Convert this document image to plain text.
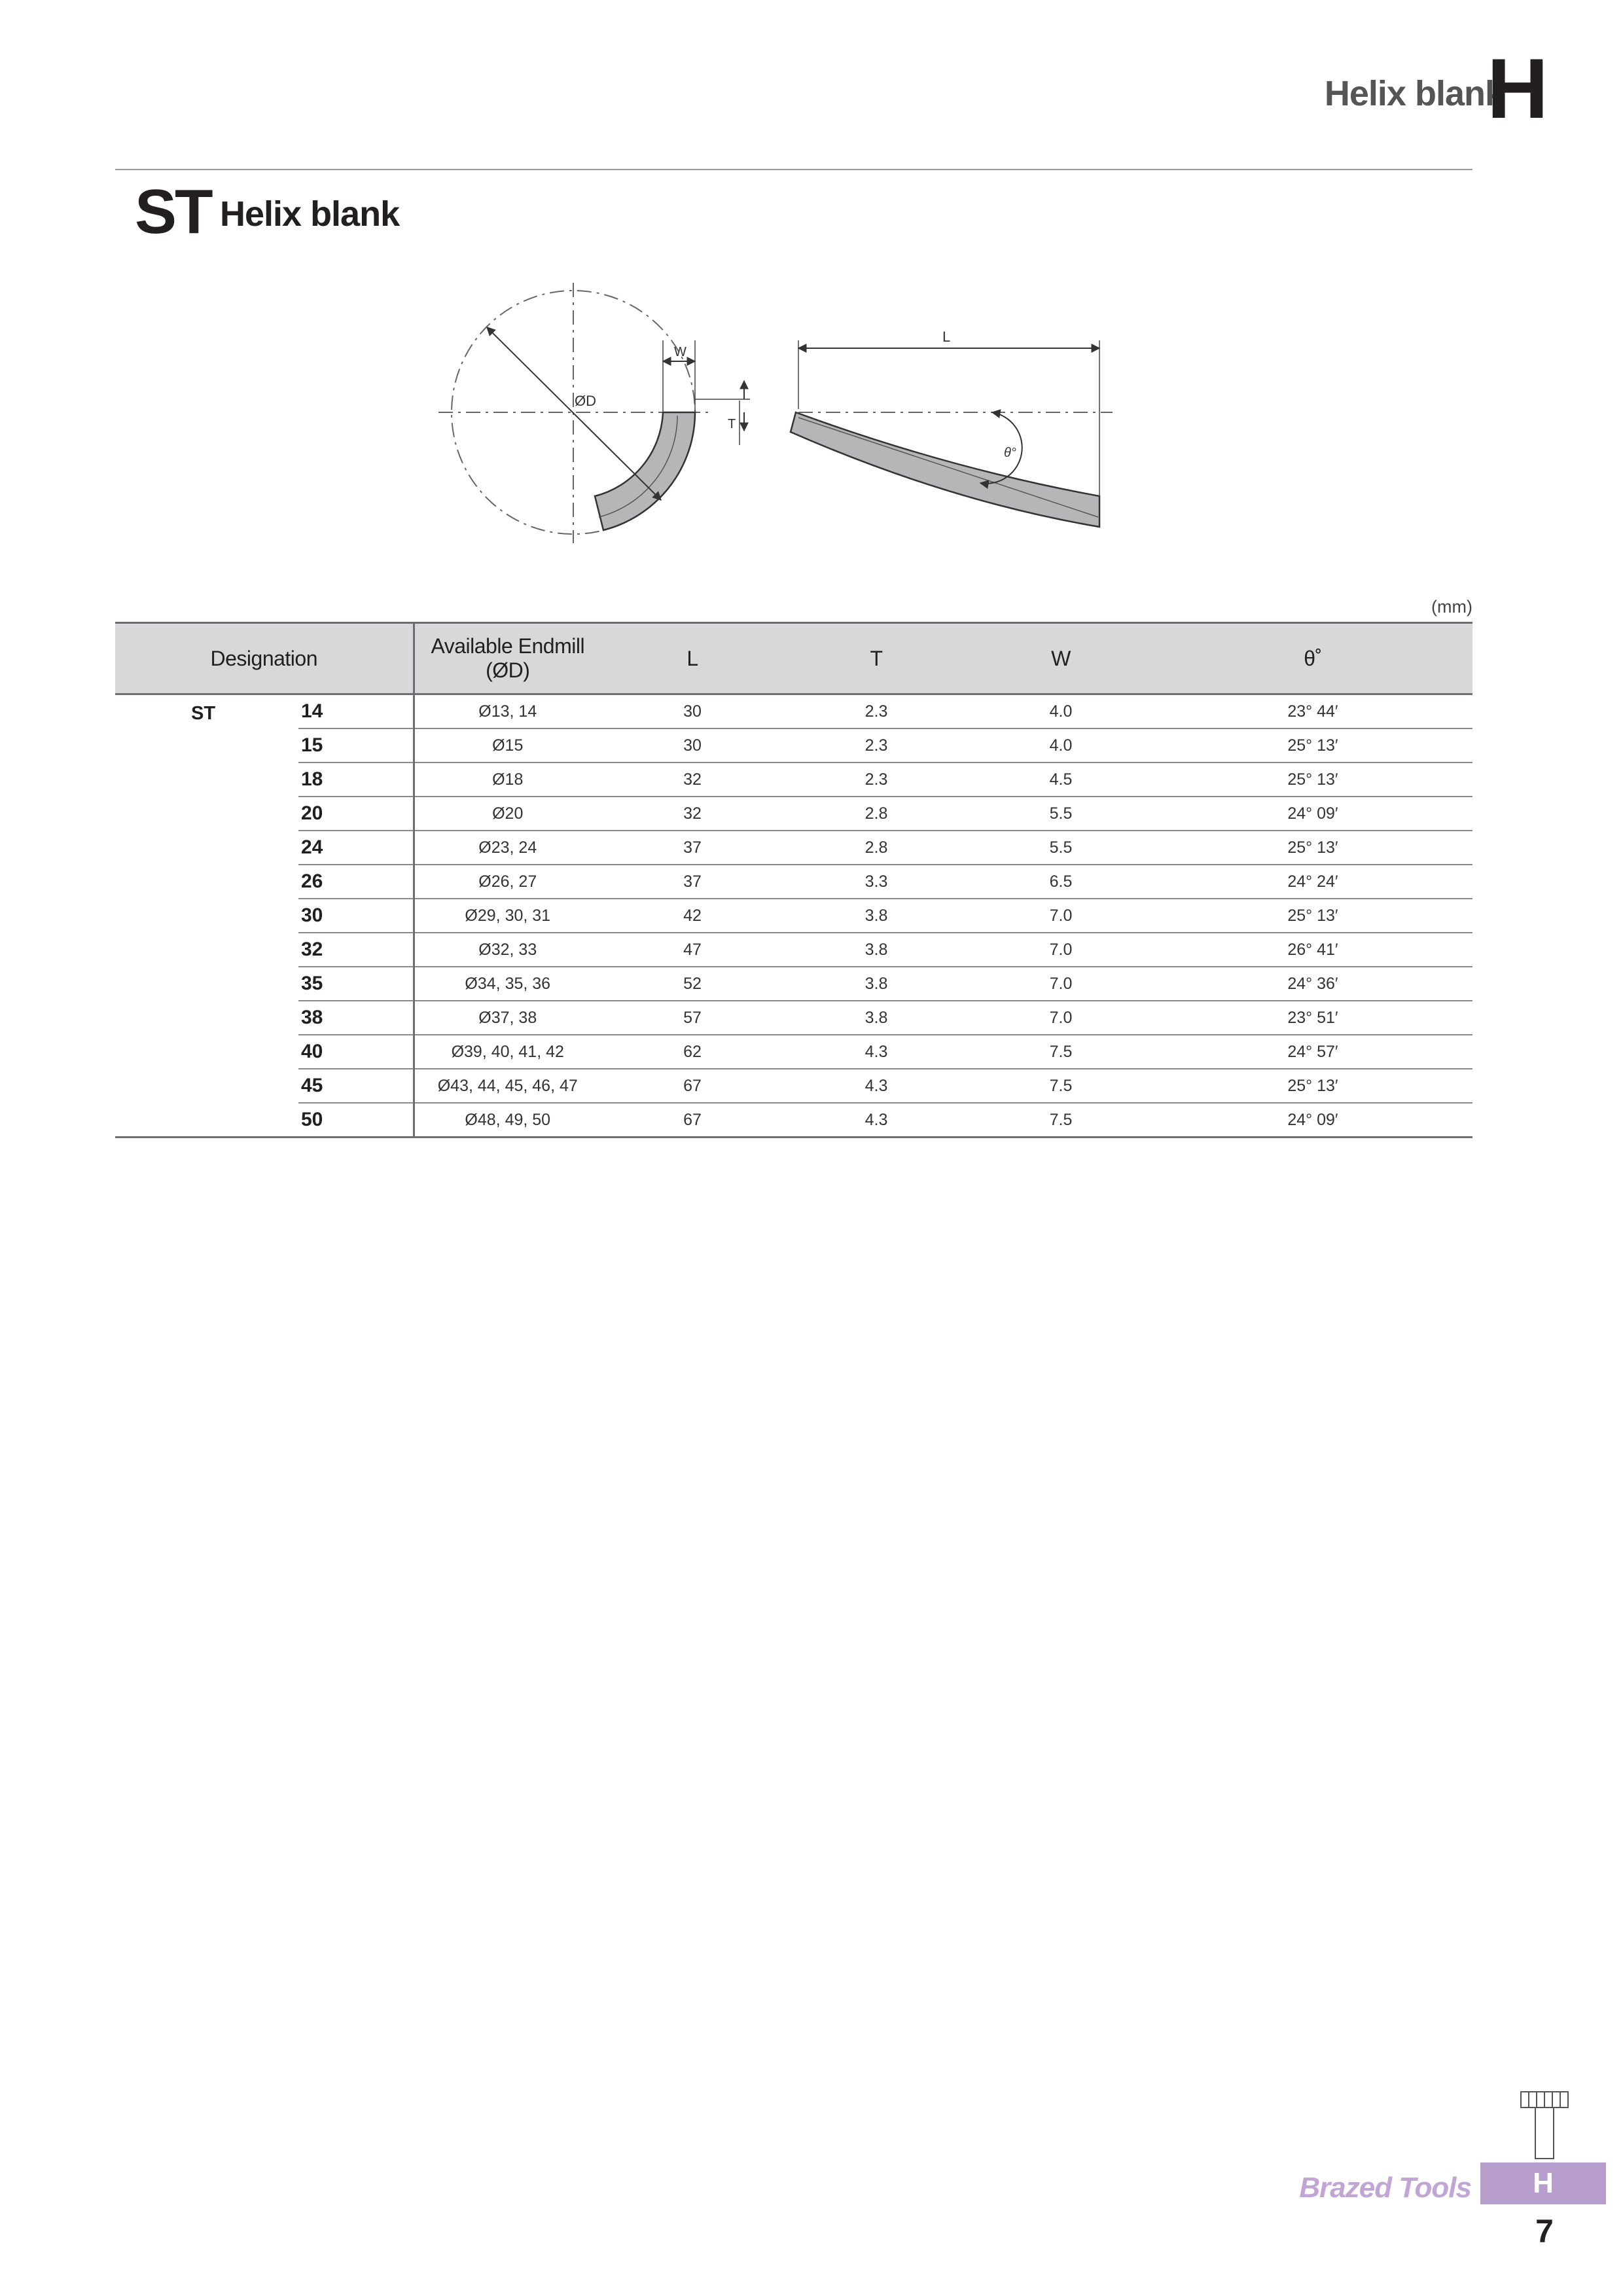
Helix blank
H
ST Helix blank
ØD
W
T
L
θ°
(mm)
Designation		Available Endmill (ØD)	L	T	W	θ˚
ST	14	Ø13, 14	30	2.3	4.0	23° 44′
	15	Ø15	30	2.3	4.0	25° 13′
	18	Ø18	32	2.3	4.5	25° 13′
	20	Ø20	32	2.8	5.5	24° 09′
	24	Ø23, 24	37	2.8	5.5	25° 13′
	26	Ø26, 27	37	3.3	6.5	24° 24′
	30	Ø29, 30, 31	42	3.8	7.0	25° 13′
	32	Ø32, 33	47	3.8	7.0	26° 41′
	35	Ø34, 35, 36	52	3.8	7.0	24° 36′
	38	Ø37, 38	57	3.8	7.0	23° 51′
	40	Ø39, 40, 41, 42	62	4.3	7.5	24° 57′
	45	Ø43, 44, 45, 46, 47	67	4.3	7.5	25° 13′
	50	Ø48, 49, 50	67	4.3	7.5	24° 09′
Brazed Tools	H
7
